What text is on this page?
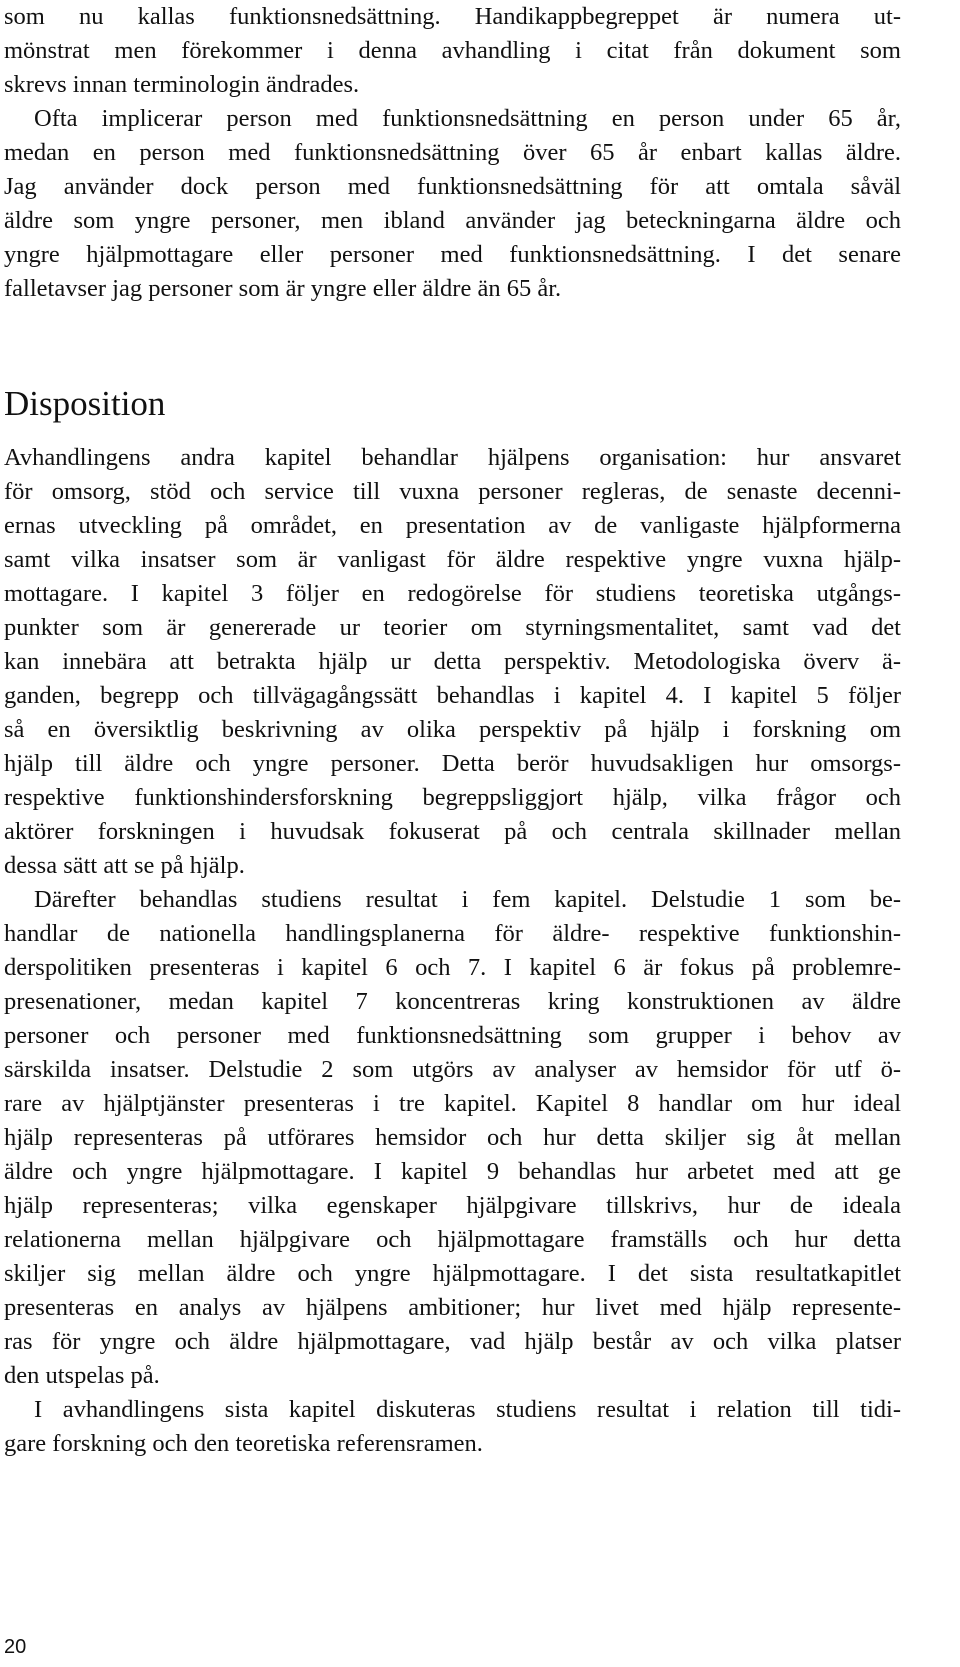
som nu kallas funktionsnedsättning. Handikappbegreppet är numera ut-
mönstrat men förekommer i denna avhandling i citat från dokument som
skrevs innan terminologin ändrades.
Ofta implicerar person med funktionsnedsättning en person under 65 år,
medan en person med funktionsnedsättning över 65 år enbart kallas äldre.
Jag använder dock person med funktionsnedsättning för att omtala såväl
äldre som yngre personer, men ibland använder jag beteckningarna äldre och
yngre hjälpmottagare eller personer med funktionsnedsättning. I det senare
falletavser jag personer som är yngre eller äldre än 65 år.
Disposition
Avhandlingens andra kapitel behandlar hjälpens organisation: hur ansvaret
för omsorg, stöd och service till vuxna personer regleras, de senaste decenni-
ernas utveckling på området, en presentation av de vanligaste hjälpformerna
samt vilka insatser som är vanligast för äldre respektive yngre vuxna hjälp-
mottagare. I kapitel 3 följer en redogörelse för studiens teoretiska utgångs-
punkter som är genererade ur teorier om styrningsmentalitet, samt vad det
kan innebära att betrakta hjälp ur detta perspektiv. Metodologiska överv ä-
ganden, begrepp och tillvägagångssätt behandlas i kapitel 4. I kapitel 5 följer
så en översiktlig beskrivning av olika perspektiv på hjälp i forskning om
hjälp till äldre och yngre personer. Detta berör huvudsakligen hur omsorgs-
respektive funktionshindersforskning begreppsliggjort hjälp, vilka frågor och
aktörer forskningen i huvudsak fokuserat på och centrala skillnader mellan
dessa sätt att se på hjälp.
Därefter behandlas studiens resultat i fem kapitel. Delstudie 1 som be-
handlar de nationella handlingsplanerna för äldre- respektive funktionshin-
derspolitiken presenteras i kapitel 6 och 7. I kapitel 6 är fokus på problemre-
presenationer, medan kapitel 7 koncentreras kring konstruktionen av äldre
personer och personer med funktionsnedsättning som grupper i behov av
särskilda insatser. Delstudie 2 som utgörs av analyser av hemsidor för utf ö-
rare av hjälptjänster presenteras i tre kapitel. Kapitel 8 handlar om hur ideal
hjälp representeras på utförares hemsidor och hur detta skiljer sig åt mellan
äldre och yngre hjälpmottagare. I kapitel 9 behandlas hur arbetet med att ge
hjälp representeras; vilka egenskaper hjälpgivare tillskrivs, hur de ideala
relationerna mellan hjälpgivare och hjälpmottagare framställs och hur detta
skiljer sig mellan äldre och yngre hjälpmottagare. I det sista resultatkapitlet
presenteras en analys av hjälpens ambitioner; hur livet med hjälp represente-
ras för yngre och äldre hjälpmottagare, vad hjälp består av och vilka platser
den utspelas på.
I avhandlingens sista kapitel diskuteras studiens resultat i relation till tidi-
gare forskning och den teoretiska referensramen.
20
